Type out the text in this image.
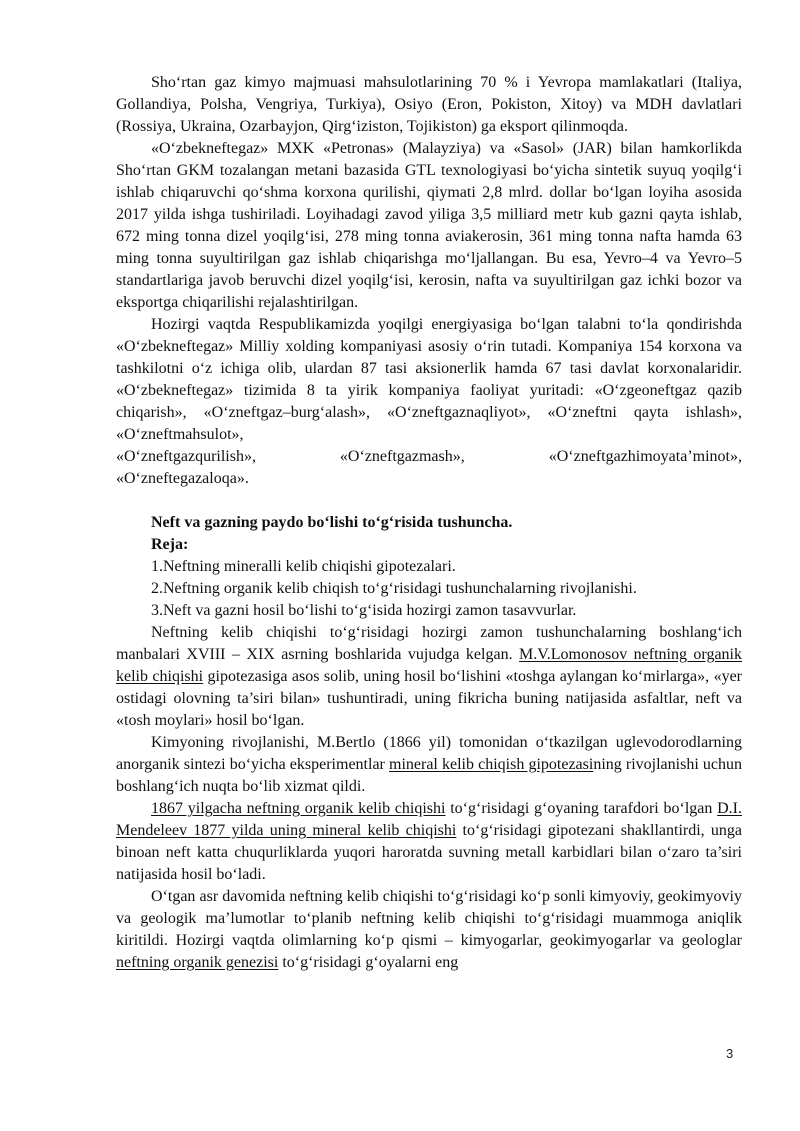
Sho‘rtan gaz kimyo majmuasi mahsulotlarining 70 % i Yevropa mamlakatlari (Italiya, Gollandiya, Polsha, Vengriya, Turkiya), Osiyo (Eron, Pokiston, Xitoy) va MDH davlatlari (Rossiya, Ukraina, Ozarbayjon, Qirg‘iziston, Tojikiston) ga eksport qilinmoqda.

«O‘zbekneftegaz» MXK «Petronas» (Malayziya) va «Sasol» (JAR) bilan hamkorlikda Sho‘rtan GKM tozalangan metani bazasida GTL texnologiyasi bo‘yicha sintetik suyuq yoqilg‘i ishlab chiqaruvchi qo‘shma korxona qurilishi, qiymati 2,8 mlrd. dollar bo‘lgan loyiha asosida 2017 yilda ishga tushiriladi. Loyihadagi zavod yiliga 3,5 milliard metr kub gazni qayta ishlab, 672 ming tonna dizel yoqilg‘isi, 278 ming tonna aviakerosin, 361 ming tonna nafta hamda 63 ming tonna suyultirilgan gaz ishlab chiqarishga mo‘ljallangan. Bu esa, Yevro–4 va Yevro–5 standartlariga javob beruvchi dizel yoqilg‘isi, kerosin, nafta va suyultirilgan gaz ichki bozor va eksportga chiqarilishi rejalashtirilgan.

Hozirgi vaqtda Respublikamizda yoqilgi energiyasiga bo‘lgan talabni to‘la qondirishda «O‘zbekneftegaz» Milliy xolding kompaniyasi asosiy o‘rin tutadi. Kompaniya 154 korxona va tashkilotni o‘z ichiga olib, ulardan 87 tasi aksionerlik hamda 67 tasi davlat korxonalaridir. «O‘zbekneftegaz» tizimida 8 ta yirik kompaniya faoliyat yuritadi: «O‘zgeoneftgaz qazib chiqarish», «O‘zneftgaz–burg‘alash», «O‘zneftgaznaqliyot», «O‘zneftni qayta ishlash», «O‘zneftmahsulot»,

«O‘zneftgazqurilish», «O‘zneftgazmash», «O‘zneftgazhimoyata’minot»,

«O‘zneftegazaloqa».

Neft va gazning paydo bo‘lishi to‘g‘risida tushuncha.

Reja:

1.Neftning mineralli kelib chiqishi gipotezalari.

2.Neftning organik kelib chiqish to‘g‘risidagi tushunchalarning rivojlanishi.

3.Neft va gazni hosil bo‘lishi to‘g‘isida hozirgi zamon tasavvurlar.

Neftning kelib chiqishi to‘g‘risidagi hozirgi zamon tushunchalarning boshlang‘ich manbalari XVIII – XIX asrning boshlarida vujudga kelgan. M.V.Lomonosov neftning organik kelib chiqishi gipotezasiga asos solib, uning hosil bo‘lishini «toshga aylangan ko‘mirlarga», «yer ostidagi olovning ta’siri bilan» tushuntiradi, uning fikricha buning natijasida asfaltlar, neft va «tosh moylari» hosil bo‘lgan.

Kimyoning rivojlanishi, M.Bertlo (1866 yil) tomonidan o‘tkazilgan uglevodorodlarning anorganik sintezi bo‘yicha eksperimentlar mineral kelib chiqish gipotezasining rivojlanishi uchun boshlang‘ich nuqta bo‘lib xizmat qildi.

1867 yilgacha neftning organik kelib chiqishi to‘g‘risidagi g‘oyaning tarafdori bo‘lgan D.I. Mendeleev 1877 yilda uning mineral kelib chiqishi to‘g‘risidagi gipotezani shakllantirdi, unga binoan neft katta chuqurliklarda yuqori haroratda suvning metall karbidlari bilan o‘zaro ta’siri natijasida hosil bo‘ladi.

O‘tgan asr davomida neftning kelib chiqishi to‘g‘risidagi ko‘p sonli kimyoviy, geokimyoviy va geologik ma’lumotlar to‘planib neftning kelib chiqishi to‘g‘risidagi muammoga aniqlik kiritildi. Hozirgi vaqtda olimlarning ko‘p qismi – kimyogarlar, geokimyogarlar va geologlar neftning organik genezisi to‘g‘risidagi g‘oyalarni eng

3
